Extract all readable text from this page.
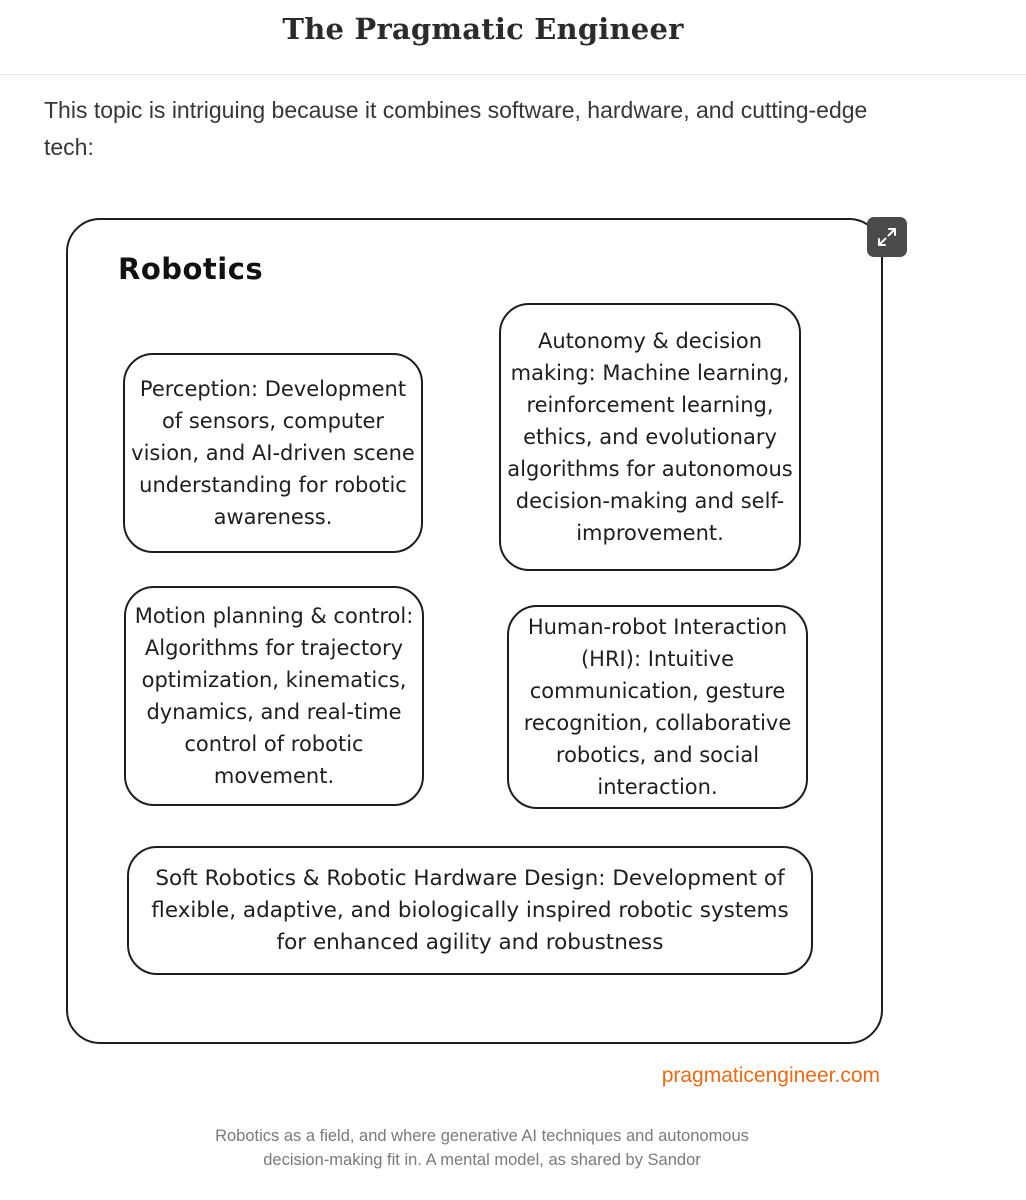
The Pragmatic Engineer
This topic is intriguing because it combines software, hardware, and cutting-edge tech:
Robotics
Perception: Development of sensors, computer vision, and AI-driven scene understanding for robotic awareness.
Autonomy & decision making: Machine learning, reinforcement learning, ethics, and evolutionary algorithms for autonomous decision-making and self-improvement.
Motion planning & control: Algorithms for trajectory optimization, kinematics, dynamics, and real-time control of robotic movement.
Human-robot Interaction (HRI): Intuitive communication, gesture recognition, collaborative robotics, and social interaction.
Soft Robotics & Robotic Hardware Design: Development of flexible, adaptive, and biologically inspired robotic systems for enhanced agility and robustness
pragmaticengineer.com
Robotics as a field, and where generative AI techniques and autonomous decision-making fit in. A mental model, as shared by Sandor
